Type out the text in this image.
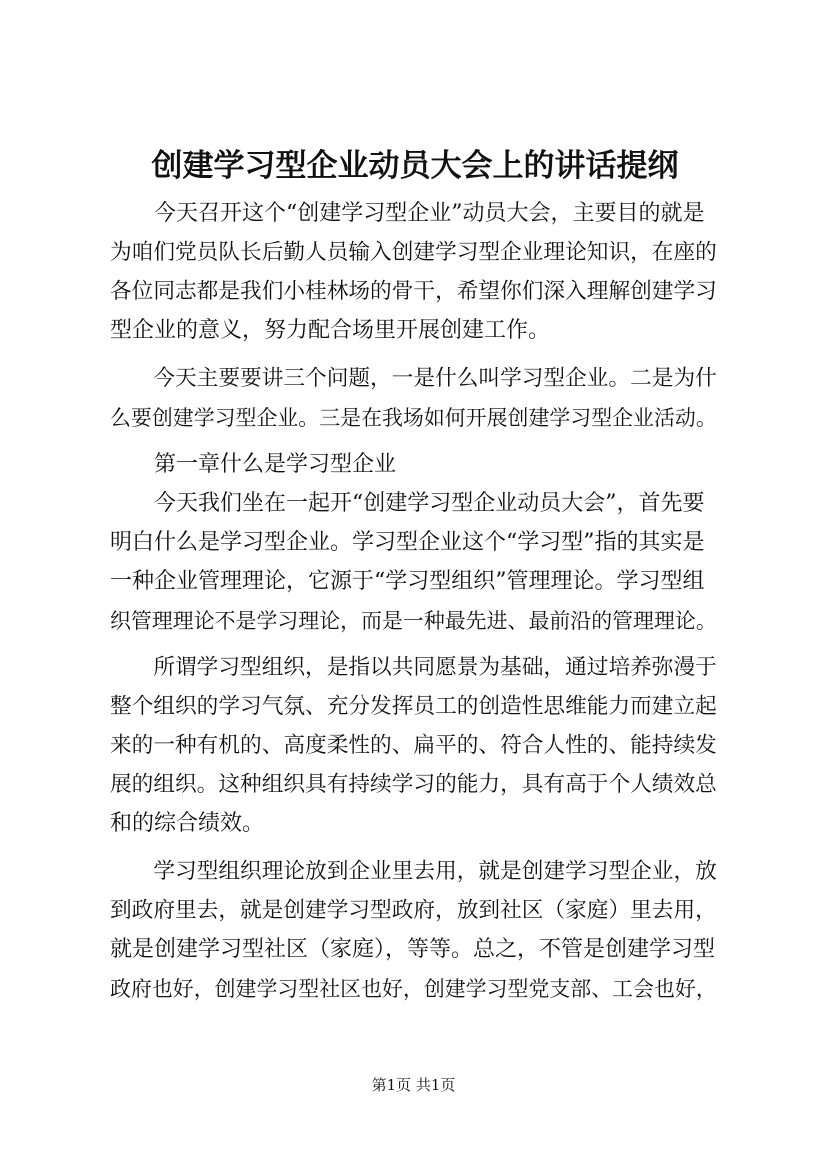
创建学习型企业动员大会上的讲话提纲
　　今天召开这个“创建学习型企业”动员大会，主要目的就是
为咱们党员队长后勤人员输入创建学习型企业理论知识，在座的
各位同志都是我们小桂林场的骨干，希望你们深入理解创建学习
型企业的意义，努力配合场里开展创建工作。
　　今天主要要讲三个问题，一是什么叫学习型企业。二是为什
么要创建学习型企业。三是在我场如何开展创建学习型企业活动。
　　第一章什么是学习型企业
　　今天我们坐在一起开“创建学习型企业动员大会”，首先要
明白什么是学习型企业。学习型企业这个“学习型”指的其实是
一种企业管理理论，它源于“学习型组织”管理理论。学习型组
织管理理论不是学习理论，而是一种最先进、最前沿的管理理论。
　　所谓学习型组织，是指以共同愿景为基础，通过培养弥漫于
整个组织的学习气氛、充分发挥员工的创造性思维能力而建立起
来的一种有机的、高度柔性的、扁平的、符合人性的、能持续发
展的组织。这种组织具有持续学习的能力，具有高于个人绩效总
和的综合绩效。
　　学习型组织理论放到企业里去用，就是创建学习型企业，放
到政府里去，就是创建学习型政府，放到社区（家庭）里去用，
就是创建学习型社区（家庭），等等。总之，不管是创建学习型
政府也好，创建学习型社区也好，创建学习型党支部、工会也好，
第1页 共1页
